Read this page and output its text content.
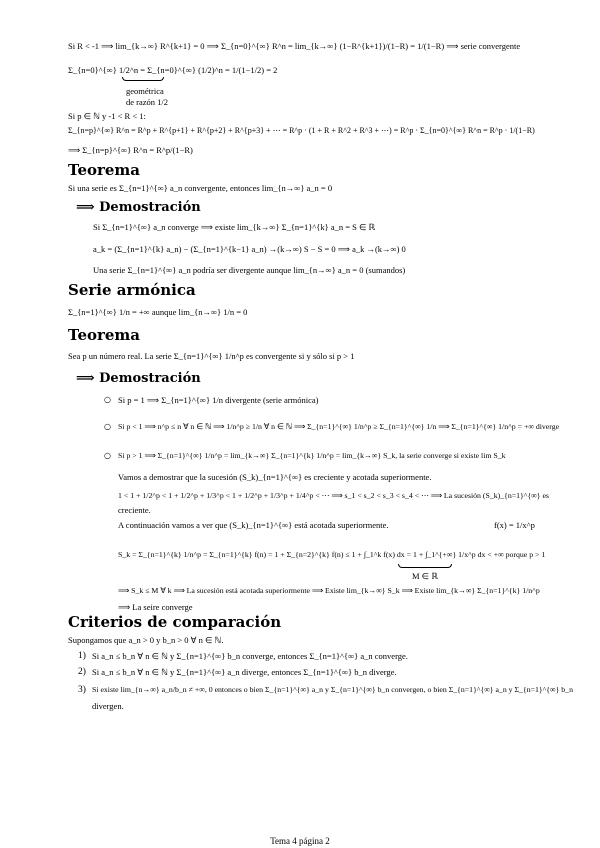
Si R < -1 ⟹ lim_{k→∞} R^{k+1} = 0 ⟹ Σ_{n=0}^{∞} R^n = lim_{k→∞} (1−R^{k+1})/(1−R) = 1/(1−R) ⟹ serie convergente
Σ_{n=0}^{∞} 1/2^n = Σ_{n=0}^{∞} (1/2)^n = 1/(1−1/2) = 2
geométrica
de razón 1/2
Si p ∈ ℕ y -1 < R < 1:
Σ_{n=p}^{∞} R^n = R^p + R^{p+1} + R^{p+2} + R^{p+3} + ⋯ = R^p · (1 + R + R^2 + R^3 + ⋯) = R^p · Σ_{n=0}^{∞} R^n = R^p · 1/(1−R)
⟹ Σ_{n=p}^{∞} R^n = R^p/(1−R)
Teorema
Si una serie es Σ_{n=1}^{∞} a_n convergente, entonces lim_{n→∞} a_n = 0
⟹ Demostración
Si Σ_{n=1}^{∞} a_n converge ⟹ existe lim_{k→∞} Σ_{n=1}^{k} a_n = S ∈ ℝ
a_k = (Σ_{n=1}^{k} a_n) − (Σ_{n=1}^{k−1} a_n) →(k→∞) S − S = 0 ⟹ a_k →(k→∞) 0
Una serie Σ_{n=1}^{∞} a_n podría ser divergente aunque lim_{n→∞} a_n = 0 (sumandos)
Serie armónica
Σ_{n=1}^{∞} 1/n = +∞ aunque lim_{n→∞} 1/n = 0
Teorema
Sea p un número real. La serie Σ_{n=1}^{∞} 1/n^p es convergente si y sólo si p > 1
⟹ Demostración
○ Si p = 1 ⟹ Σ_{n=1}^{∞} 1/n divergente (serie armónica)
○ Si p < 1 ⟹ n^p ≤ n ∀ n ∈ ℕ ⟹ 1/n^p ≥ 1/n ∀ n ∈ ℕ ⟹ Σ_{n=1}^{∞} 1/n^p ≥ Σ_{n=1}^{∞} 1/n ⟹ Σ_{n=1}^{∞} 1/n^p = +∞ diverge
○ Si p > 1 ⟹ Σ_{n=1}^{∞} 1/n^p = lim_{k→∞} Σ_{n=1}^{k} 1/n^p = lim_{k→∞} S_k, la serie converge si existe lim S_k
Vamos a demostrar que la sucesión (S_k)_{n=1}^{∞} es creciente y acotada superiormente.
1 < 1 + 1/2^p < 1 + 1/2^p + 1/3^p < 1 + 1/2^p + 1/3^p + 1/4^p < ⋯ ⟹ s_1 < s_2 < s_3 < s_4 < ⋯ ⟹ La sucesión (S_k)_{n=1}^{∞} es
creciente.
A continuación vamos a ver que (S_k)_{n=1}^{∞} está acotada superiormente.	f(x) = 1/x^p
S_k = Σ_{n=1}^{k} 1/n^p = Σ_{n=1}^{k} f(n) = 1 + Σ_{n=2}^{k} f(n) ≤ 1 + ∫_1^k f(x) dx = 1 + ∫_1^{+∞} 1/x^p dx < +∞ porque p > 1
M ∈ ℝ
⟹ S_k ≤ M ∀ k ⟹ La sucesión está acotada superiormente ⟹ Existe lim_{k→∞} S_k ⟹ Existe lim_{k→∞} Σ_{n=1}^{k} 1/n^p
⟹ La seire converge
Criterios de comparación
Supongamos que a_n > 0 y b_n > 0 ∀ n ∈ ℕ.
1) Si a_n ≤ b_n ∀ n ∈ ℕ y Σ_{n=1}^{∞} b_n converge, entonces Σ_{n=1}^{∞} a_n converge.
2) Si a_n ≤ b_n ∀ n ∈ ℕ y Σ_{n=1}^{∞} a_n diverge, entonces Σ_{n=1}^{∞} b_n diverge.
3) Si existe lim_{n→∞} a_n/b_n ≠ +∞, 0 entonces o bien Σ_{n=1}^{∞} a_n y Σ_{n=1}^{∞} b_n convergen, o bien Σ_{n=1}^{∞} a_n y Σ_{n=1}^{∞} b_n
divergen.
Tema 4 página 2
